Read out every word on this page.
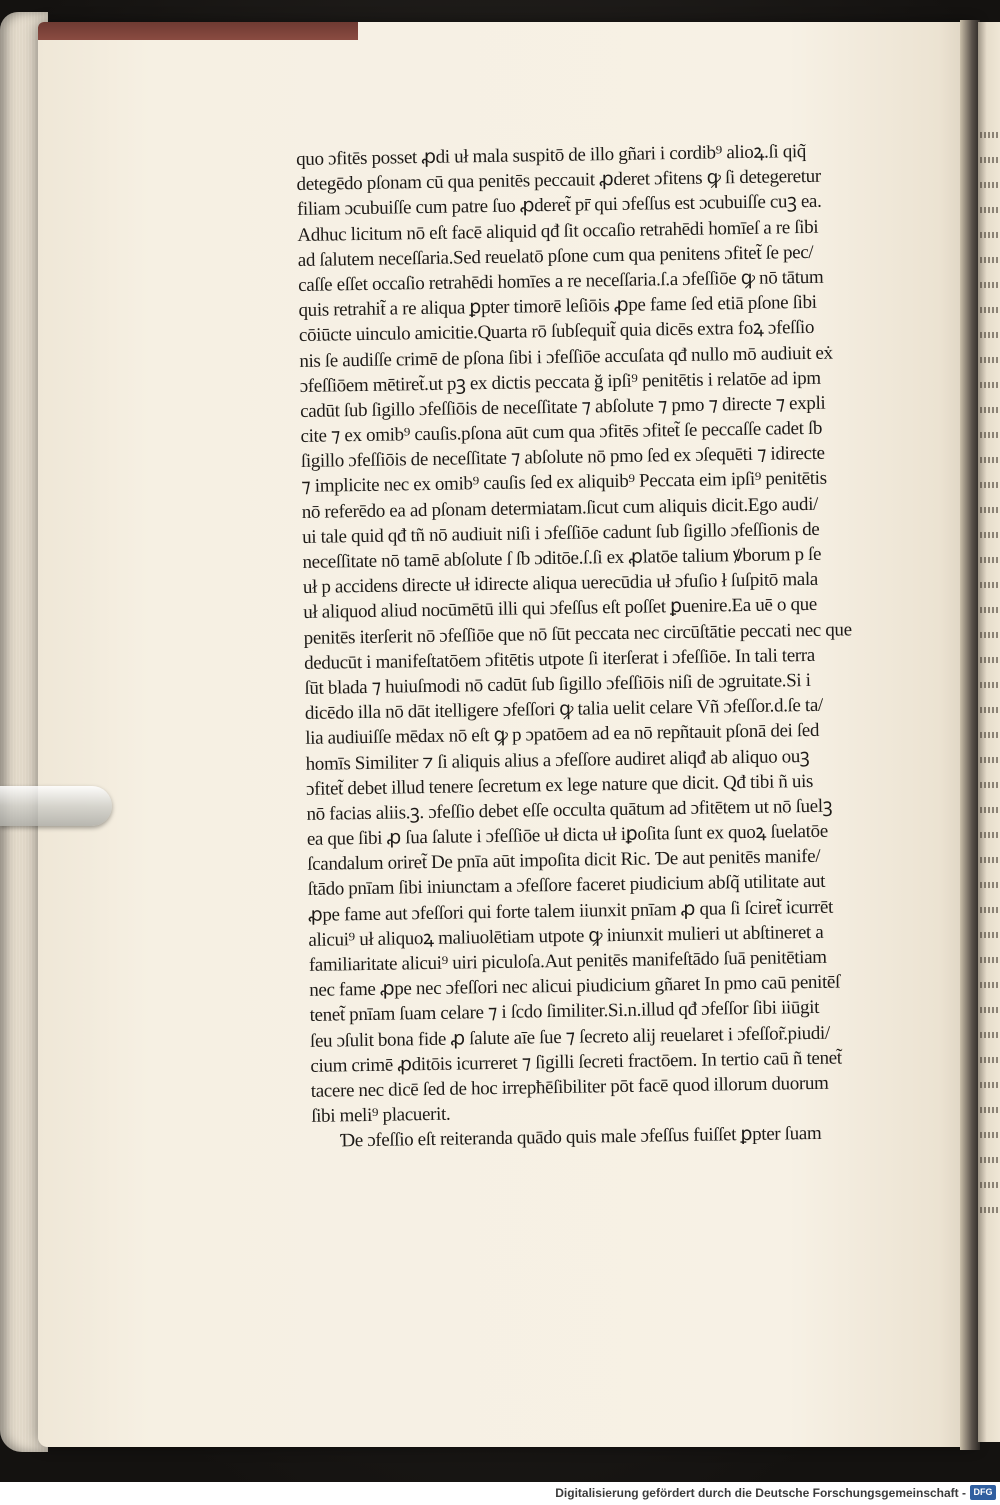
quo ɔfitēs posset ꝓdi uł mala suspitō de illo gñari i cordib⁹ alioꝝ.ſi qiq̃
detegēdo pſonam cū qua penitēs peccauit ꝓderet ɔfitens ꝙ ſi detegeretur
filiam ɔcubuiſſe cum patre ſuo ꝓderet̃ pr̄ qui ɔfeſſus est ɔcubuiſſe cuꝫ ea.
Adhuc licitum nō eſt facē aliquid qđ ſit occaſio retrahēdi homīeſ a re ſibi
ad ſalutem neceſſaria.Sed reuelatō pſone cum qua penitens ɔfitet̃ ſe pec/
caſſe eſſet occaſio retrahēdi homīes a re neceſſaria.ſ.a ɔfeſſiōe ꝙ nō tātum
quis retrahit̃ a re aliqua ꝑpter timorē leſiōis ꝓpe fame ſed etiā pſone ſibi
cōiūcte uinculo amicitie.Quarta rō ſubſequit̃ quia dicēs extra foꝝ ɔfeſſio
nis ſe audiſſe crimē de pſona ſibi i ɔfeſſiōe accuſata qđ nullo mō audiuit eẋ
ɔfeſſiōem mētiret̃.ut pꝫ ex dictis peccata ğ ipſi⁹ penitētis i relatōe ad ipm
cadūt ſub ſigillo ɔfeſſiōis de neceſſitate ⁊ abſolute ⁊ pmo ⁊ directe ⁊ expli
cite ⁊ ex omib⁹ cauſis.pſona aūt cum qua ɔfitēs ɔfitet̃ ſe peccaſſe cadet ſb
ſigillo ɔfeſſiōis de neceſſitate ⁊ abſolute nō pmo ſed ex ɔſequēti ⁊ idirecte
⁊ implicite nec ex omib⁹ cauſis ſed ex aliquib⁹ Peccata eim ipſi⁹ penitētis
nō referēdo ea ad pſonam determiatam.ſicut cum aliquis dicit.Ego audi/
ui tale quid qđ tñ nō audiuit niſi i ɔfeſſiōe cadunt ſub ſigillo ɔfeſſionis de
neceſſitate nō tamē abſolute ſ ſb ɔditōe.ſ.ſi ex ꝓlatōe talium ꝟborum p ſe
uł p accidens directe uł idirecte aliqua uerecūdia uł ɔfuſio ł ſuſpitō mala
uł aliquod aliud nocūmētū illi qui ɔfeſſus eſt poſſet ꝑuenire.Ea uē o que
penitēs iterſerit nō ɔfeſſiōe que nō ſūt peccata nec circūſtātie peccati nec que
deducūt i manifeſtatōem ɔfitētis utpote ſi iterſerat i ɔfeſſiōe. In tali terra
ſūt blada ⁊ huiuſmodi nō cadūt ſub ſigillo ɔfeſſiōis niſi de ɔgruitate.Si i
dicēdo illa nō dāt itelligere ɔfeſſori ꝙ talia uelit celare Vñ ɔfeſſor.d.ſe ta/
lia audiuiſſe mēdax nō eſt ꝙ p ɔpatōem ad ea nō repñtauit pſonā dei ſed
homīs Similiter ⁊ ſi aliquis alius a ɔfeſſore audiret aliqđ ab aliquo ouꝫ
ɔfitet̃ debet illud tenere ſecretum ex lege nature que dicit. Qđ tibi ñ uis
nō facias aliis.ꝫ. ɔfeſſio debet eſſe occulta quātum ad ɔfitētem ut nō ſuelꝫ
ea que ſibi ꝓ ſua ſalute i ɔfeſſiōe uł dicta uł iꝑoſita ſunt ex quoꝝ ſuelatōe
ſcandalum oriret̃ De pnīa aūt impoſita dicit Ric. Ɗe aut penitēs manife/
ſtādo pnīam ſibi iniunctam a ɔfeſſore faceret piudicium abſq̃ utilitate aut
ꝓpe fame aut ɔfeſſori qui forte talem iiunxit pnīam ꝓ qua ſi ſciret̃ icurrēt
alicui⁹ uł aliquoꝝ maliuolētiam utpote ꝙ iniunxit mulieri ut abſtineret a
familiaritate alicui⁹ uiri piculoſa.Aut penitēs manifeſtādo ſuā penitētiam
nec fame ꝓpe nec ɔfeſſori nec alicui piudicium gñaret In pmo caū penitēſ
tenet̃ pnīam ſuam celare ⁊ i ſcdo ſimiliter.Si.n.illud qđ ɔfeſſor ſibi iiūgit
ſeu ɔſulit bona fide ꝓ ſalute aīe ſue ⁊ ſecreto alij reuelaret i ɔfeſſor̃.piudi/
cium crimē ꝓditōis icurreret ⁊ ſigilli ſecreti fractōem. In tertio caū ñ tenet̃
tacere nec dicē ſed de hoc irrepħēſibiliter pōt facē quod illorum duorum
ſibi meli⁹ placuerit.
Ɗe ɔfeſſio eſt reiteranda quādo quis male ɔfeſſus fuiſſet ꝑpter ſuam
Digitalisierung gefördert durch die Deutsche Forschungsgemeinschaft - DFG
